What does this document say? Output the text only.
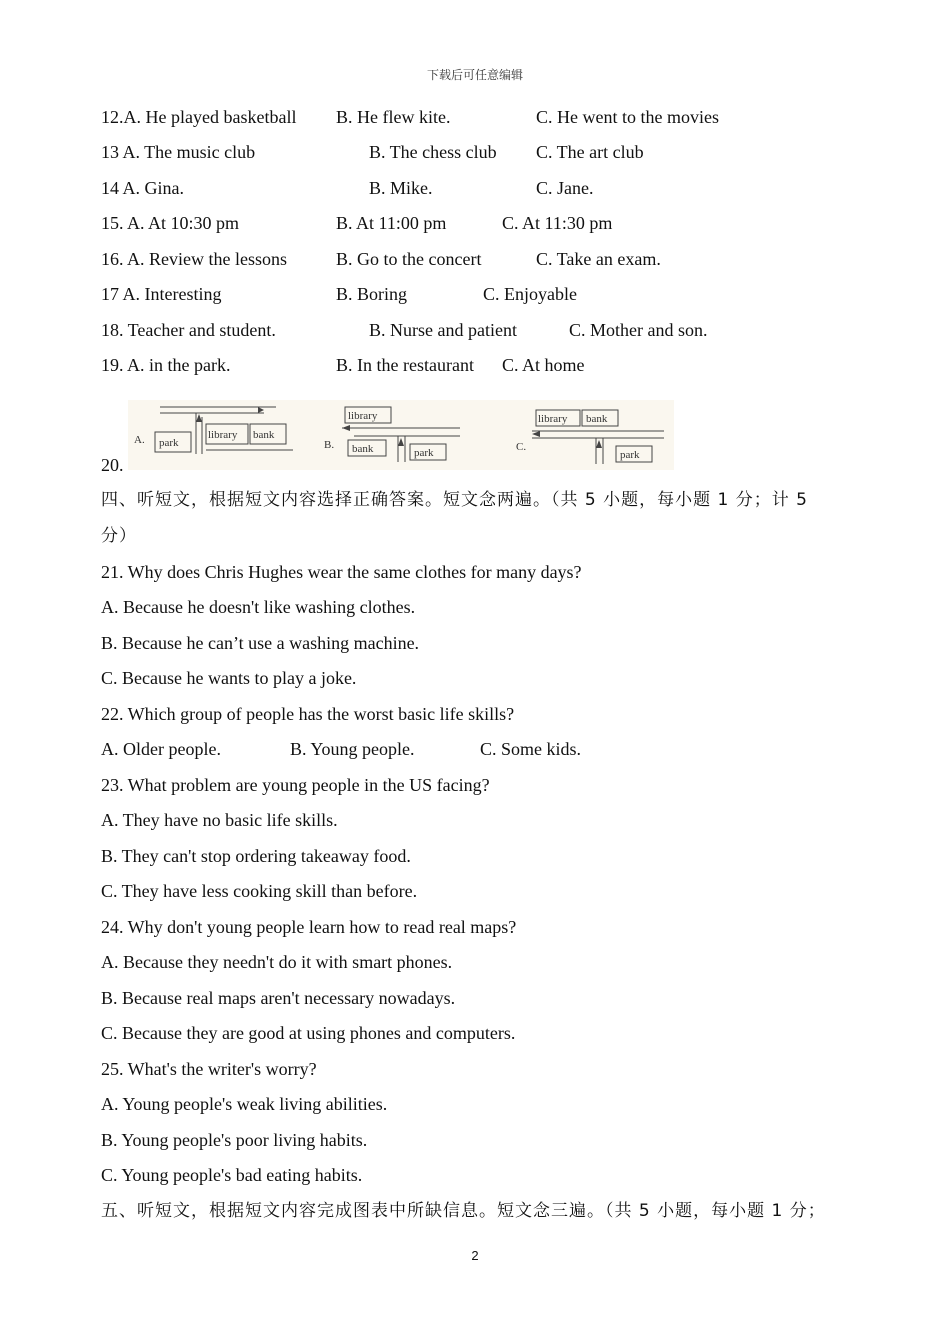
下载后可任意编辑
12.A. He played basketball B. He flew kite.	C. He went to the movies
13 A. The music club	B. The chess club C. The art club
14 A. Gina.	B. Mike.	C. Jane.
15. A. At 10:30 pm	B. At 11:00 pm	C. At 11:30 pm
16. A. Review the lessons	B. Go to the concert	C. Take an exam.
17 A. Interesting	B. Boring	C. Enjoyable
18. Teacher and student.	B. Nurse and patient	C. Mother and son.
19. A. in the park.	B. In the restaurant C. At home
20.
A. park
library bank
B.
library
bank	park	C.
library bank
park
四、听短文，根据短文内容选择正确答案。短文念两遍。（共 5 小题，每小题 1 分；计 5
分）
21. Why does Chris Hughes wear the same clothes for many days?
A. Because he doesn't like washing clothes.
B. Because he can’t use a washing machine.
C. Because he wants to play a joke.
22. Which group of people has the worst basic life skills?
A. Older people.	B. Young people.	C. Some kids.
23. What problem are young people in the US facing?
A. They have no basic life skills.
B. They can't stop ordering takeaway food.
C. They have less cooking skill than before.
24. Why don't young people learn how to read real maps?
A. Because they needn't do it with smart phones.
B. Because real maps aren't necessary nowadays.
C. Because they are good at using phones and computers.
25. What's the writer's worry?
A. Young people's weak living abilities.
B. Young people's poor living habits.
C. Young people's bad eating habits.
五、听短文，根据短文内容完成图表中所缺信息。短文念三遍。（共 5 小题，每小题 1 分；
2
